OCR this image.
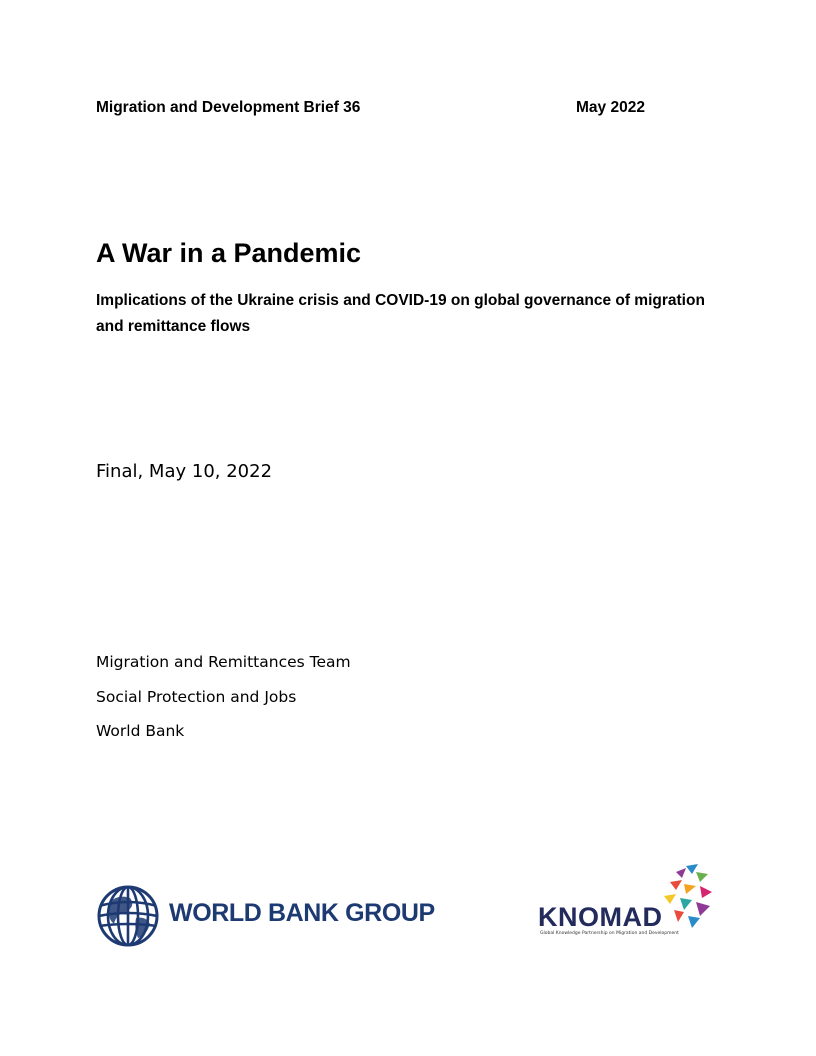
Migration and Development Brief 36	May 2022
A War in a Pandemic

Implications of the Ukraine crisis and COVID-19 on global governance of migration and remittance flows

Final, May 10, 2022
Migration and Remittances Team
Social Protection and Jobs
World Bank
WORLD BANK GROUP	KNOMAD
Global Knowledge Partnership on Migration and Development
